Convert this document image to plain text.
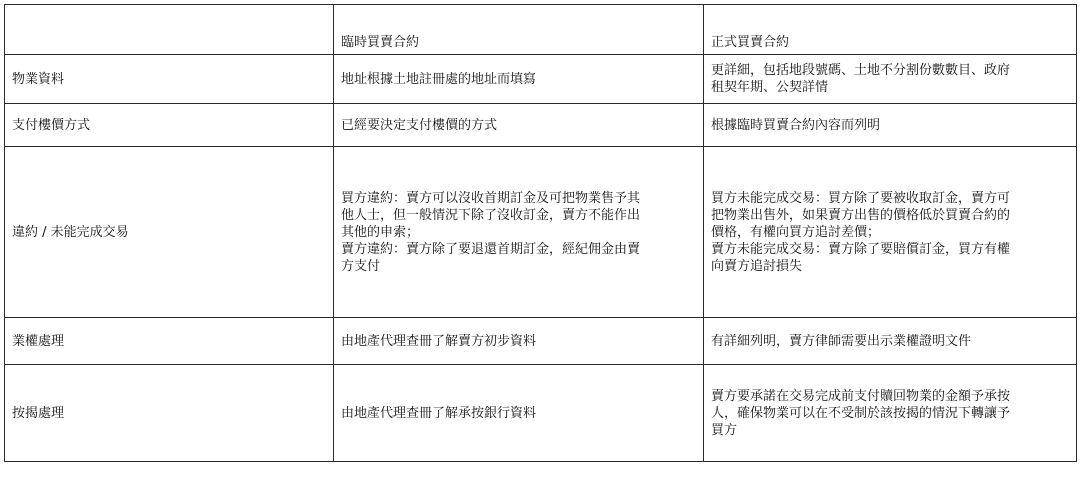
	臨時買賣合約	正式買賣合約

物業資料	地址根據土地註冊處的地址而填寫	更詳細，包括地段號碼、土地不分割份數數目、政府
租契年期、公契詳情

支付樓價方式	已經要決定支付樓價的方式	根據臨時買賣合約內容而列明

違約 / 未能完成交易	買方違約：賣方可以沒收首期訂金及可把物業售予其
他人士，但一般情況下除了沒收訂金，賣方不能作出
其他的申索；
賣方違約：賣方除了要退還首期訂金，經紀佣金由賣
方支付	買方未能完成交易：買方除了要被收取訂金，賣方可
把物業出售外，如果賣方出售的價格低於買賣合約的
價格，有權向買方追討差價；
賣方未能完成交易：賣方除了要賠償訂金，買方有權
向賣方追討損失

業權處理	由地產代理查冊了解賣方初步資料	有詳細列明，賣方律師需要出示業權證明文件

按揭處理	由地產代理查冊了解承按銀行資料	賣方要承諾在交易完成前支付贖回物業的金額予承按
人，確保物業可以在不受制於該按揭的情況下轉讓予
買方
